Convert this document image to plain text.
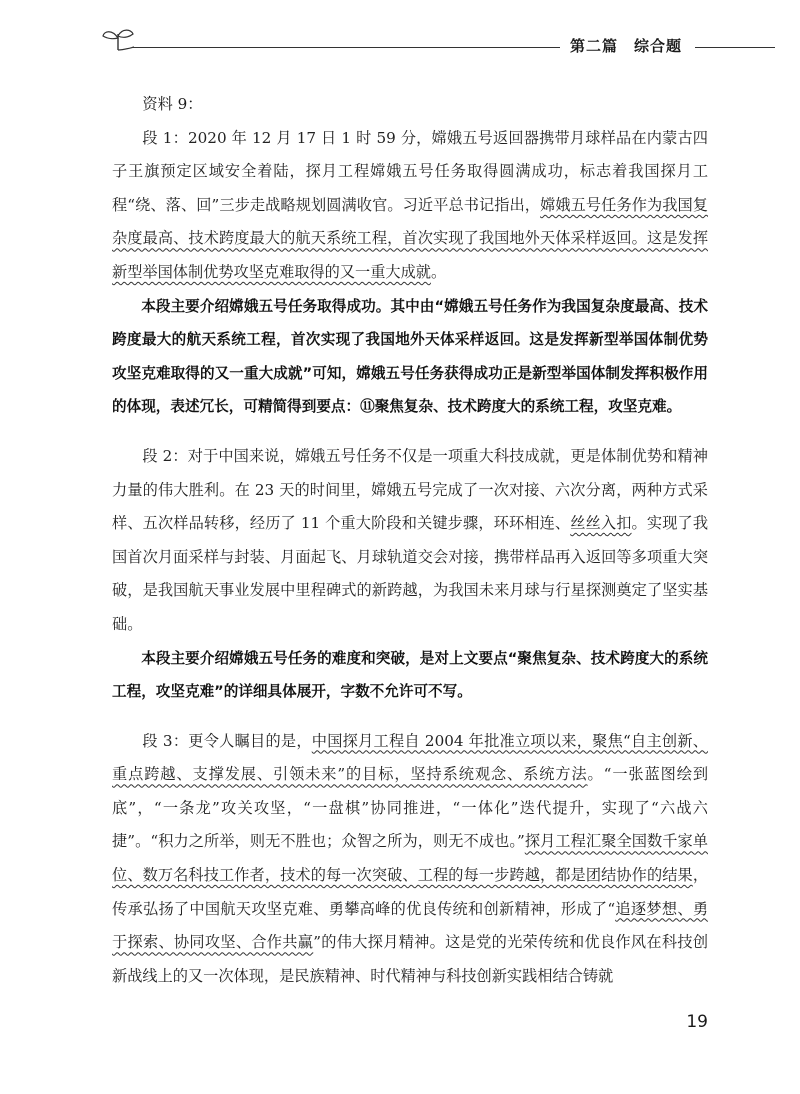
第二篇　综合题

资料 9：

段 1：2020 年 12 月 17 日 1 时 59 分，嫦娥五号返回器携带月球样品在内蒙古四子王旗预定区域安全着陆，探月工程嫦娥五号任务取得圆满成功，标志着我国探月工程“绕、落、回”三步走战略规划圆满收官。习近平总书记指出，嫦娥五号任务作为我国复杂度最高、技术跨度最大的航天系统工程，首次实现了我国地外天体采样返回。这是发挥新型举国体制优势攻坚克难取得的又一重大成就。

本段主要介绍嫦娥五号任务取得成功。其中由“嫦娥五号任务作为我国复杂度最高、技术跨度最大的航天系统工程，首次实现了我国地外天体采样返回。这是发挥新型举国体制优势攻坚克难取得的又一重大成就”可知，嫦娥五号任务获得成功正是新型举国体制发挥积极作用的体现，表述冗长，可精简得到要点：⑪聚焦复杂、技术跨度大的系统工程，攻坚克难。

段 2：对于中国来说，嫦娥五号任务不仅是一项重大科技成就，更是体制优势和精神力量的伟大胜利。在 23 天的时间里，嫦娥五号完成了一次对接、六次分离，两种方式采样、五次样品转移，经历了 11 个重大阶段和关键步骤，环环相连、丝丝入扣。实现了我国首次月面采样与封装、月面起飞、月球轨道交会对接，携带样品再入返回等多项重大突破，是我国航天事业发展中里程碑式的新跨越，为我国未来月球与行星探测奠定了坚实基础。

本段主要介绍嫦娥五号任务的难度和突破，是对上文要点“聚焦复杂、技术跨度大的系统工程，攻坚克难”的详细具体展开，字数不允许可不写。

段 3：更令人瞩目的是，中国探月工程自 2004 年批准立项以来，聚焦“自主创新、重点跨越、支撑发展、引领未来”的目标，坚持系统观念、系统方法。“一张蓝图绘到底”，“一条龙”攻关攻坚，“一盘棋”协同推进，“一体化”迭代提升，实现了“六战六捷”。“积力之所举，则无不胜也；众智之所为，则无不成也。”探月工程汇聚全国数千家单位、数万名科技工作者，技术的每一次突破、工程的每一步跨越，都是团结协作的结果，传承弘扬了中国航天攻坚克难、勇攀高峰的优良传统和创新精神，形成了“追逐梦想、勇于探索、协同攻坚、合作共赢”的伟大探月精神。这是党的光荣传统和优良作风在科技创新战线上的又一次体现，是民族精神、时代精神与科技创新实践相结合铸就

19
